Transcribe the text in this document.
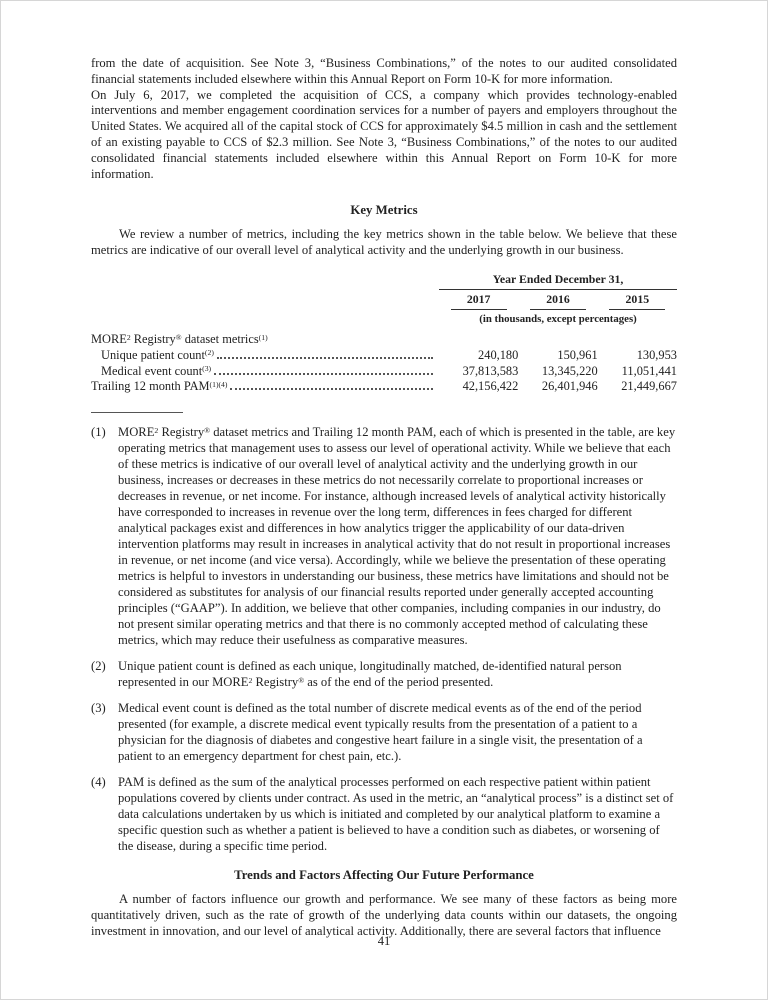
from the date of acquisition. See Note 3, “Business Combinations,” of the notes to our audited consolidated financial statements included elsewhere within this Annual Report on Form 10-K for more information.

On July 6, 2017, we completed the acquisition of CCS, a company which provides technology-enabled interventions and member engagement coordination services for a number of payers and employers throughout the United States. We acquired all of the capital stock of CCS for approximately $4.5 million in cash and the settlement of an existing payable to CCS of $2.3 million. See Note 3, “Business Combinations,” of the notes to our audited consolidated financial statements included elsewhere within this Annual Report on Form 10-K for more information.

Key Metrics

We review a number of metrics, including the key metrics shown in the table below. We believe that these metrics are indicative of our overall level of analytical activity and the underlying growth in our business.

Year Ended December 31,
2017	2016	2015
(in thousands, except percentages)
MORE$^2$ Registry® dataset metrics$^{(1)}$
Unique patient count$^{(2)}$	240,180	150,961	130,953
Medical event count$^{(3)}$	37,813,583	13,345,220	11,051,441
Trailing 12 month $PAM^{(1)(4)}$	42,156,422	26,401,946	21,449,667
(1) MORE$^2$ Registry® dataset metrics and Trailing 12 month PAM, each of which is presented in the table, are key operating metrics that management uses to assess our level of operational activity. While we believe that each of these metrics is indicative of our overall level of analytical activity and the underlying growth in our business, increases or decreases in these metrics do not necessarily correlate to proportional increases or decreases in revenue, or net income. For instance, although increased levels of analytical activity historically have corresponded to increases in revenue over the long term, differences in fees charged for different analytical packages exist and differences in how analytics trigger the applicability of our data-driven intervention platforms may result in increases in analytical activity that do not result in proportional increases in revenue, or net income (and vice versa). Accordingly, while we believe the presentation of these operating metrics is helpful to investors in understanding our business, these metrics have limitations and should not be considered as substitutes for analysis of our financial results reported under generally accepted accounting principles (“GAAP”). In addition, we believe that other companies, including companies in our industry, do not present similar operating metrics and that there is no commonly accepted method of calculating these metrics, which may reduce their usefulness as comparative measures.
(2) Unique patient count is defined as each unique, longitudinally matched, de-identified natural person represented in our MORE$^2$ Registry® as of the end of the period presented.
(3) Medical event count is defined as the total number of discrete medical events as of the end of the period presented (for example, a discrete medical event typically results from the presentation of a patient to a physician for the diagnosis of diabetes and congestive heart failure in a single visit, the presentation of a patient to an emergency department for chest pain, etc.).
(4) PAM is defined as the sum of the analytical processes performed on each respective patient within patient populations covered by clients under contract. As used in the metric, an “analytical process” is a distinct set of data calculations undertaken by us which is initiated and completed by our analytical platform to examine a specific question such as whether a patient is believed to have a condition such as diabetes, or worsening of the disease, during a specific time period.
Trends and Factors Affecting Our Future Performance

A number of factors influence our growth and performance. We see many of these factors as being more quantitatively driven, such as the rate of growth of the underlying data counts within our datasets, the ongoing investment in innovation, and our level of analytical activity. Additionally, there are several factors that influence

41
